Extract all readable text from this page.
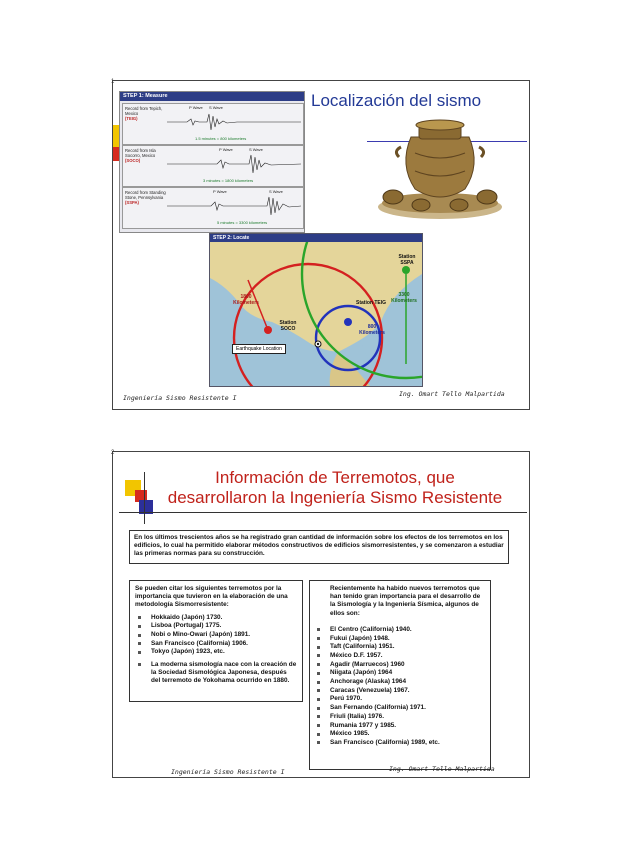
1
STEP 1: Measure
Record from Tepich, Mexico
(TEIG)
P Wave S Wave
1.5 minutes = 800 kilometers
Record from Isla Socorro, Mexico
(SOCO)
P Wave	S Wave
3 minutes = 1800 kilometers
Record from Standing Stone, Pennsylvania
(SSPA)
P Wave	S Wave
5 minutes = 3300 kilometers
Localización del sismo
STEP 2: Locate
Station SSPA
3300 Kilometers
1800 Kilometers	Station TEIG
800 Kilometers
Station SOCO
Earthquake Location
Ingeniería Sismo Resistente I	Ing. Omart Tello Malpartida
2
Información de Terremotos, que
desarrollaron la Ingeniería Sismo Resistente

En los últimos trescientos años se ha registrado gran cantidad de información sobre los efectos de los terremotos en los edificios, lo cual ha permitido elaborar métodos constructivos de edificios sismorresistentes, y se comenzaron a estudiar las primeras normas para su construcción.

Se pueden citar los siguientes terremotos por la importancia que tuvieron en la elaboración de una metodología Sismorresistente:

Hokkaido (Japón) 1730.
Lisboa (Portugal) 1775.
Nobi o Mino-Owari (Japón) 1891.
San Francisco (California) 1906.
Tokyo (Japón) 1923, etc.
La moderna sismología nace con la creación de la Sociedad Sismológica Japonesa, después del terremoto de Yokohama ocurrido en 1880.

Recientemente ha habido nuevos terremotos que han tenido gran importancia para el desarrollo de la Sismología y la Ingeniería Sísmica, algunos de ellos son:

El Centro (California) 1940.
Fukui (Japón) 1948.
Taft (California) 1951.
México D.F. 1957.
Agadir (Marruecos) 1960
Niigata (Japón) 1964
Anchorage (Alaska) 1964
Caracas (Venezuela) 1967.
Perú 1970.
San Fernando (California) 1971.
Friuli (Italia) 1976.
Rumania 1977 y 1985.
México 1985.
San Francisco (California) 1989, etc.
Ingeniería Sismo Resistente I	Ing. Omart Tello Malpartida
